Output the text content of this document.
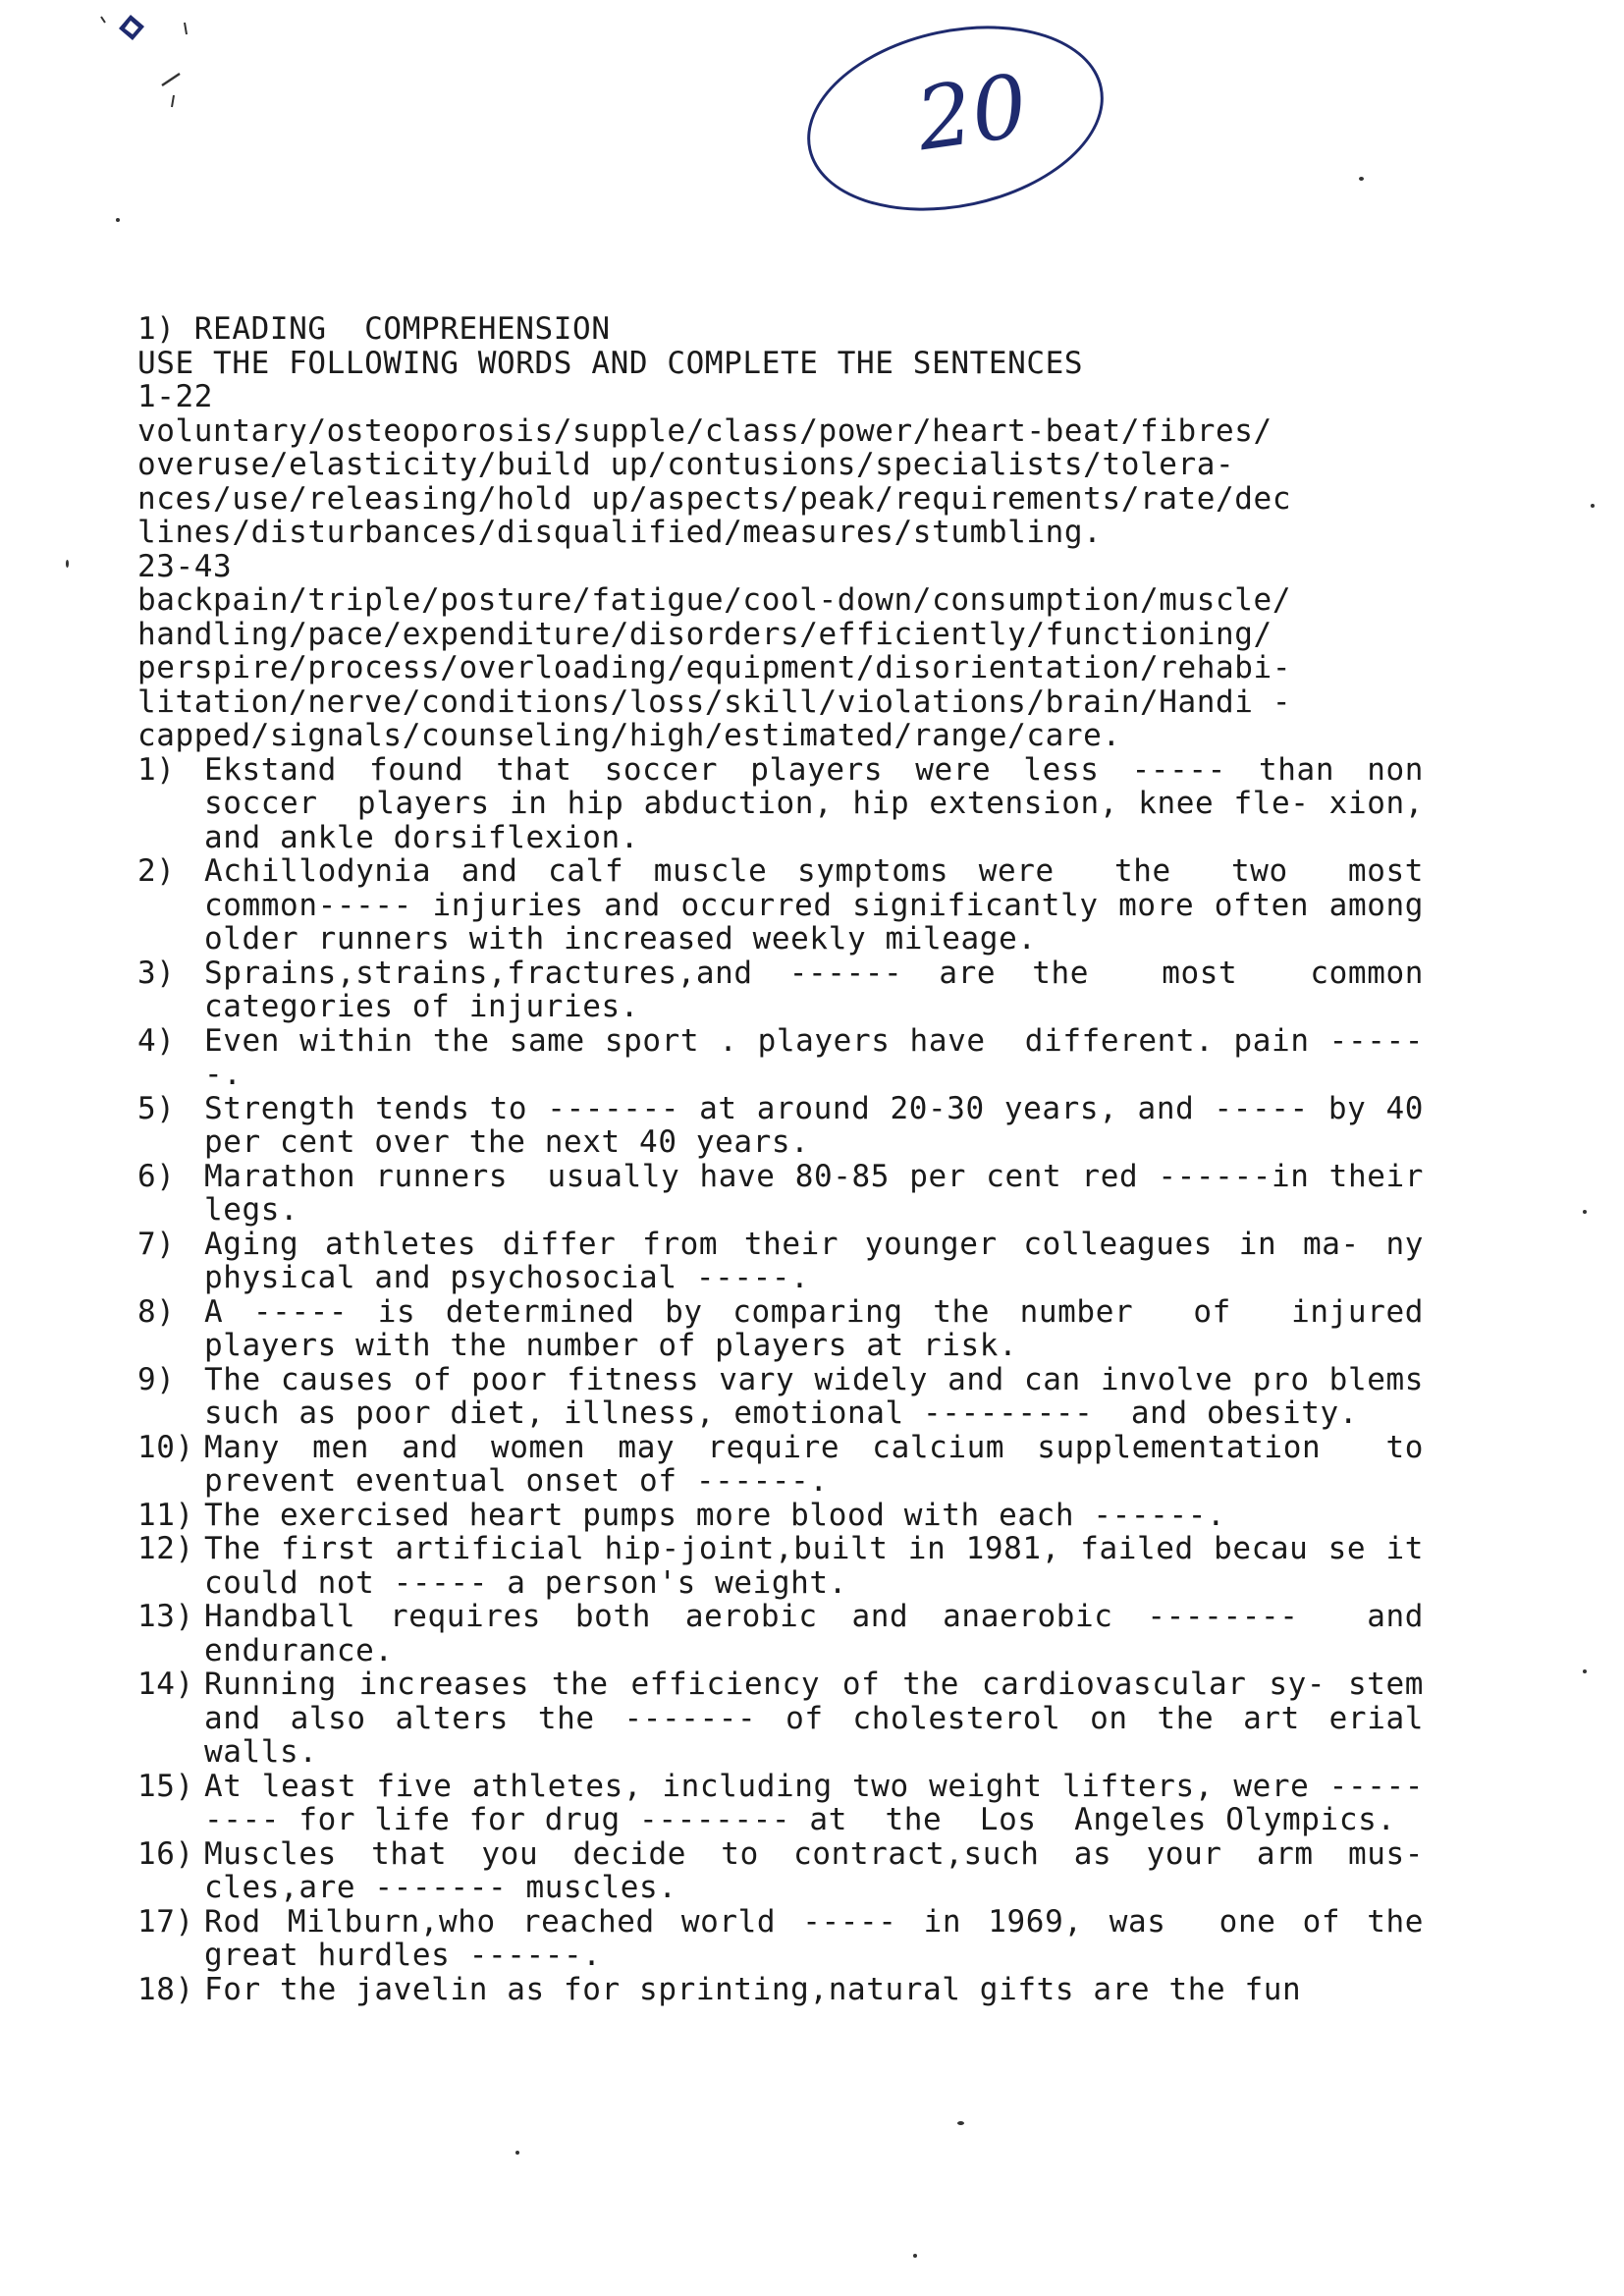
20
1) READING  COMPREHENSION
USE THE FOLLOWING WORDS AND COMPLETE THE SENTENCES
1-22
voluntary/osteoporosis/supple/class/power/heart-beat/fibres/
overuse/elasticity/build up/contusions/specialists/tolera-
nces/use/releasing/hold up/aspects/peak/requirements/rate/dec
lines/disturbances/disqualified/measures/stumbling.
23-43
backpain/triple/posture/fatigue/cool-down/consumption/muscle/
handling/pace/expenditure/disorders/efficiently/functioning/
perspire/process/overloading/equipment/disorientation/rehabi-
litation/nerve/conditions/loss/skill/violations/brain/Handi -
capped/signals/counseling/high/estimated/range/care.
1) Ekstand found that soccer players were less ----- than non soccer  players in hip abduction, hip extension, knee fle- xion, and ankle dorsiflexion.
2) Achillodynia and calf muscle symptoms were  the  two  most common----- injuries and occurred significantly more often among older runners with increased weekly mileage.
3) Sprains,strains,fractures,and ------ are the  most  common categories of injuries.
4) Even within the same sport . players have  different. pain ------.
5) Strength tends to ------- at around 20-30 years, and ----- by 40 per cent over the next 40 years.
6) Marathon runners  usually have 80-85 per cent red ------in their legs.
7) Aging athletes differ from their younger colleagues in ma- ny physical and psychosocial -----.
8) A ----- is determined by comparing the number  of  injured players with the number of players at risk.
9) The causes of poor fitness vary widely and can involve pro blems such as poor diet, illness, emotional ---------  and obesity.
10) Many men and women may require calcium supplementation  to prevent eventual onset of ------.
11) The exercised heart pumps more blood with each ------.
12) The first artificial hip-joint,built in 1981, failed becau se it could not ----- a person's weight.
13) Handball requires both aerobic and anaerobic --------  and endurance.
14) Running increases the efficiency of the cardiovascular sy- stem and also alters the ------- of cholesterol on the art erial walls.
15) At least five athletes, including two weight lifters, were --------- for life for drug -------- at  the  Los  Angeles Olympics.
16) Muscles that you decide to contract,such as your arm mus- cles,are ------- muscles.
17) Rod Milburn,who reached world ----- in 1969, was  one of the great hurdles ------.
18) For the javelin as for sprinting,natural gifts are the fun
